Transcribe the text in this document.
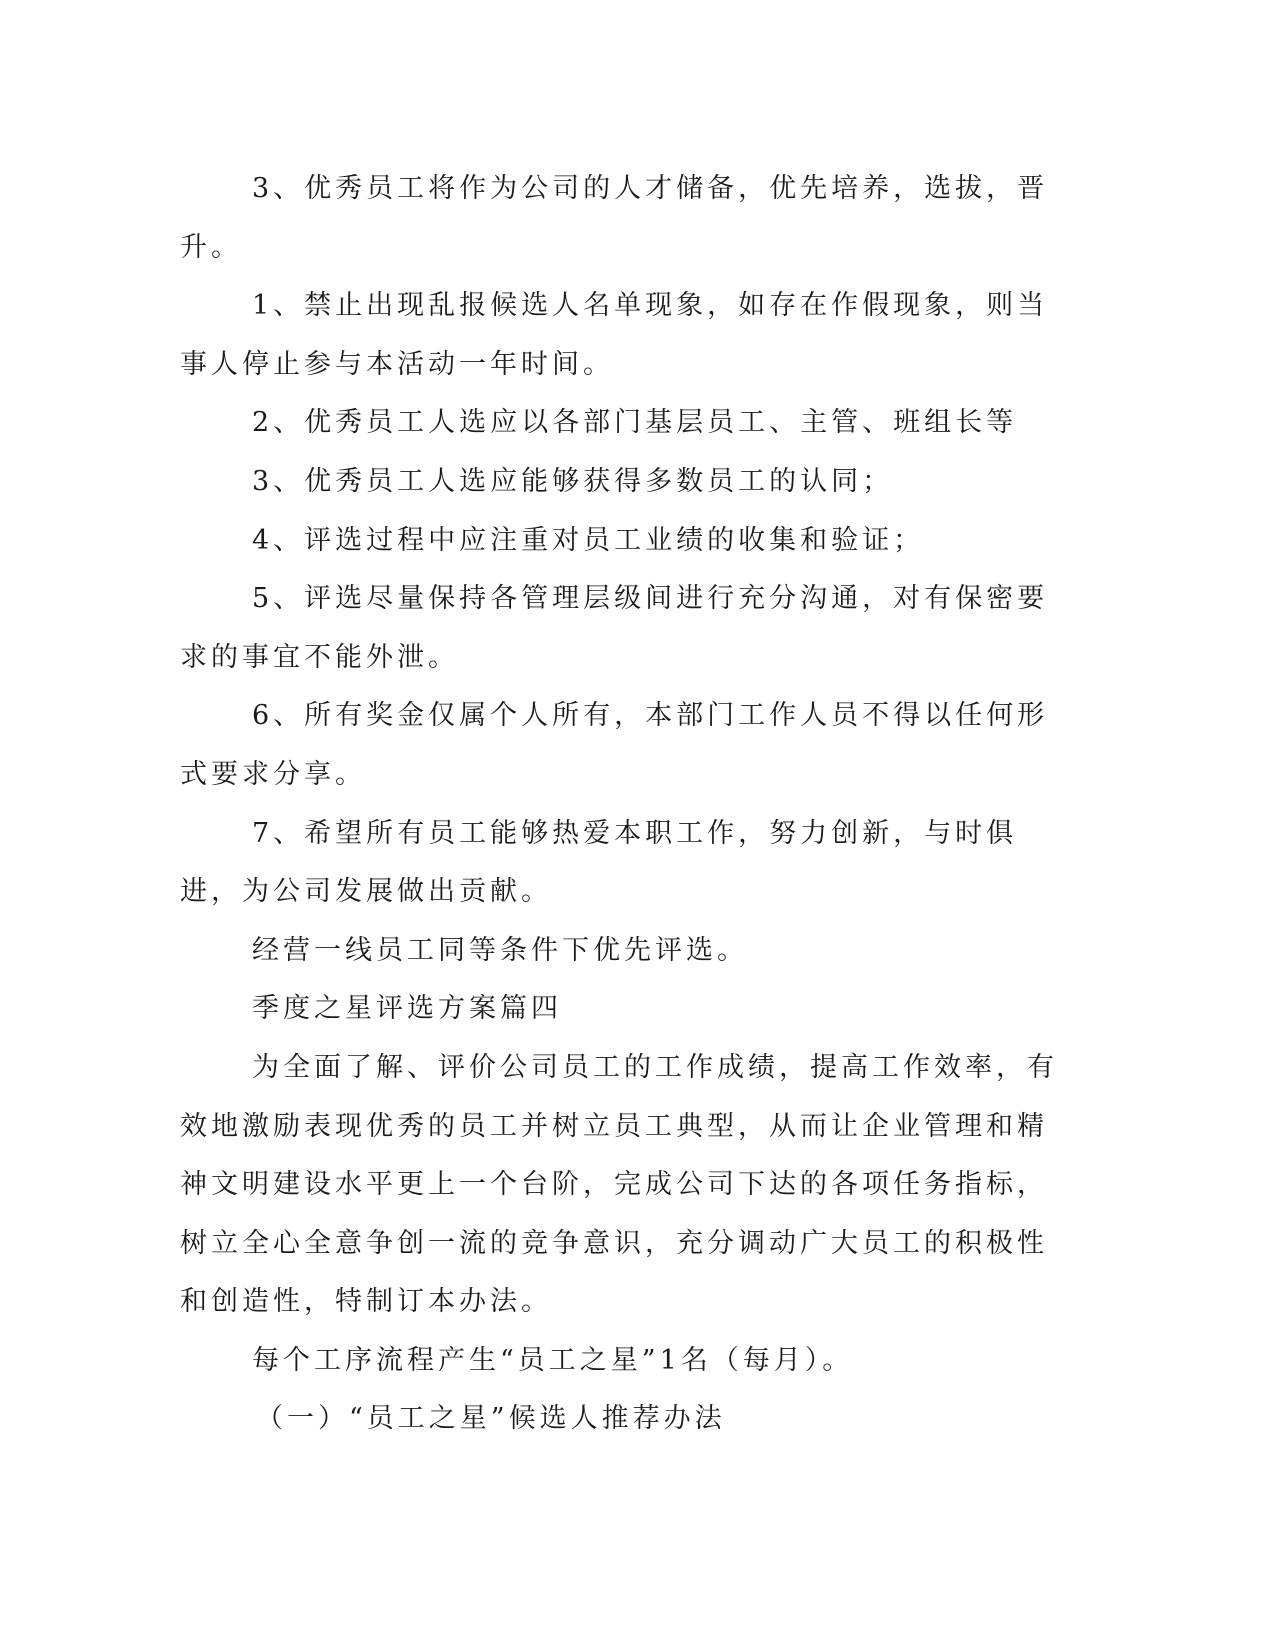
3、优秀员工将作为公司的人才储备，优先培养，选拔，晋升。

1、禁止出现乱报候选人名单现象，如存在作假现象，则当事人停止参与本活动一年时间。

2、优秀员工人选应以各部门基层员工、主管、班组长等

3、优秀员工人选应能够获得多数员工的认同；

4、评选过程中应注重对员工业绩的收集和验证；

5、评选尽量保持各管理层级间进行充分沟通，对有保密要求的事宜不能外泄。

6、所有奖金仅属个人所有，本部门工作人员不得以任何形式要求分享。

7、希望所有员工能够热爱本职工作，努力创新，与时俱进，为公司发展做出贡献。

经营一线员工同等条件下优先评选。

季度之星评选方案篇四

为全面了解、评价公司员工的工作成绩，提高工作效率，有效地激励表现优秀的员工并树立员工典型，从而让企业管理和精神文明建设水平更上一个台阶，完成公司下达的各项任务指标，树立全心全意争创一流的竞争意识，充分调动广大员工的积极性和创造性，特制订本办法。

每个工序流程产生“员工之星”1名（每月）。

（一）“员工之星”候选人推荐办法
